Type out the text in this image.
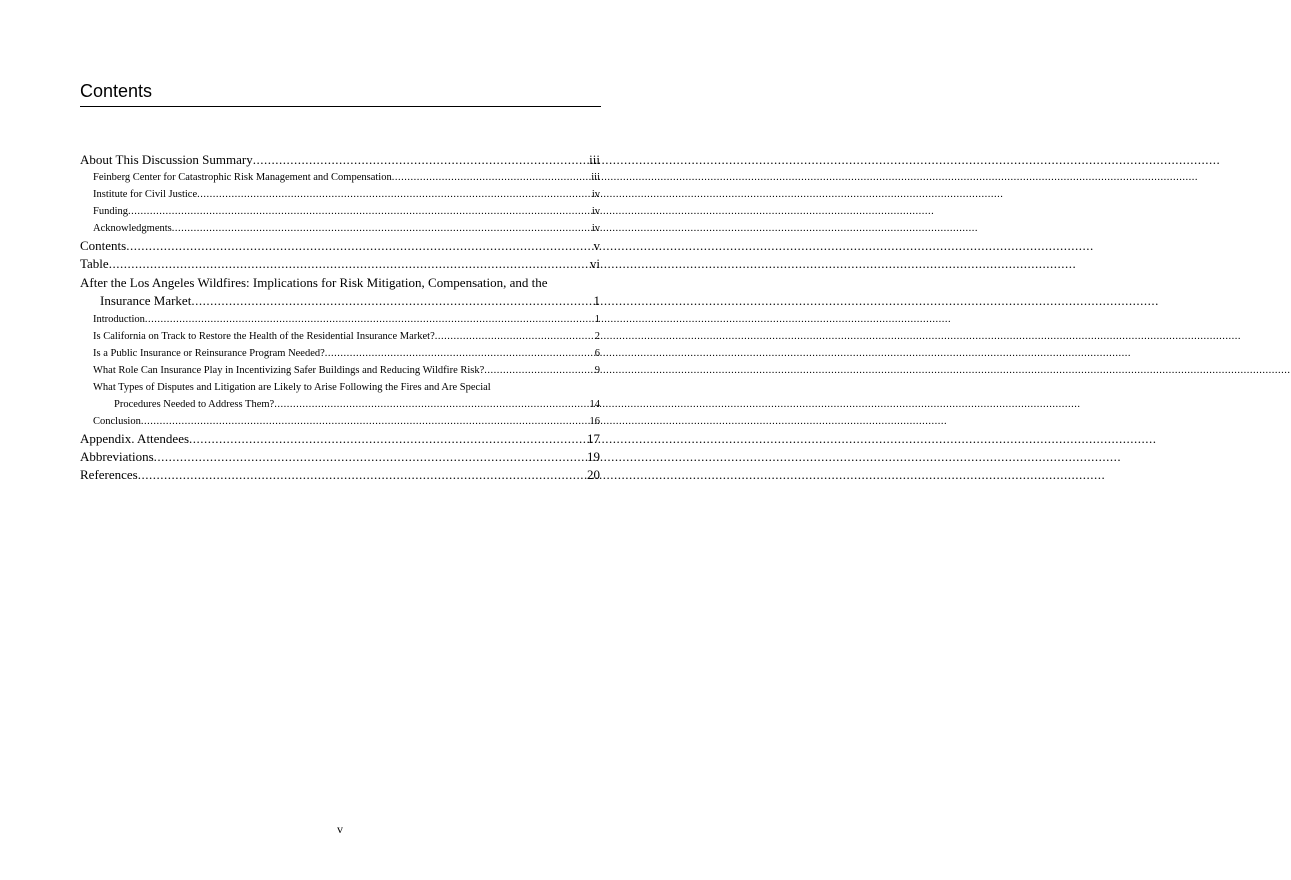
Contents
About This Discussion Summary .....	iii
Feinberg Center for Catastrophic Risk Management and Compensation .....	iii
Institute for Civil Justice .....	iv
Funding .....	iv
Acknowledgments .....	iv
Contents .....	v
Table .....	vi
After the Los Angeles Wildfires: Implications for Risk Mitigation, Compensation, and the
Insurance Market .....	1
Introduction .....	1
Is California on Track to Restore the Health of the Residential Insurance Market? .....	2
Is a Public Insurance or Reinsurance Program Needed? .....	6
What Role Can Insurance Play in Incentivizing Safer Buildings and Reducing Wildfire Risk? .....	9
What Types of Disputes and Litigation are Likely to Arise Following the Fires and Are Special
Procedures Needed to Address Them? .....	14
Conclusion .....	16
Appendix. Attendees .....	17
Abbreviations .....	19
References .....	20
v
